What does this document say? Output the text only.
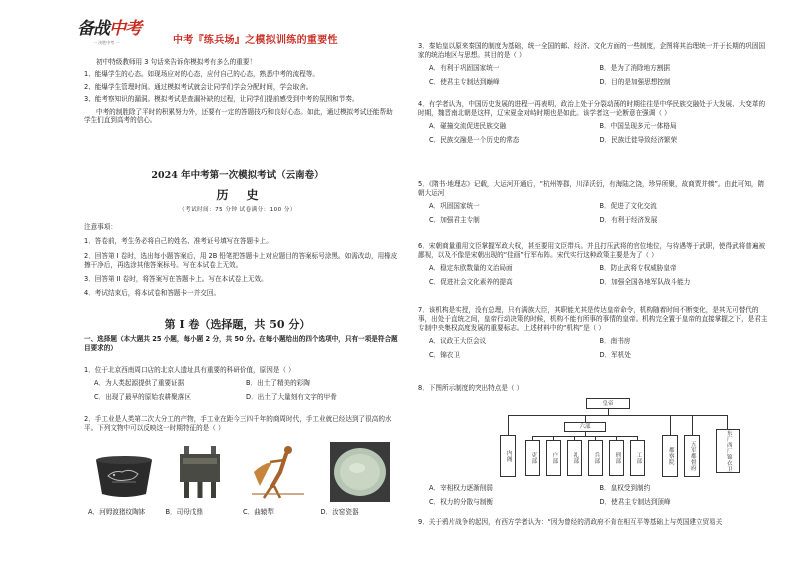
备战中考
一 决胜中考 一	中考『练兵场』之模拟训练的重要性

初中特级教师用 3 句话来告诉你模拟考有多么的重要！

1、能爆学生的心态。如现场应对的心态，应付自己的心态，熟悉中考的流程等。

2、能爆学生管理时间。通过模拟考试就会让同学们学会分配时间，学会取舍。

3、能考察知识的漏洞。模拟考试是查漏补缺的过程，让同学们提前感受到中考的氛围和节奏。

中考的制胜除了平时的积累努力外，还要有一定的答题技巧和良好心态。如此，通过模拟考试还能帮助学生们直到高考的信心。

2024 年中考第一次模拟考试（云南卷）
历史
（考试时间：75 分钟 试卷满分：100 分）

注意事项：

1．答卷前，考生务必将自己的姓名、准考证号填写在答题卡上。

2．回答第 I 卷时，选出每小题答案后，用 2B 铅笔把答题卡上对应题目的答案标号涂黑。如需改动，用橡皮擦干净后，再选涂其他答案标号。写在本试卷上无效。

3．回答第 II 卷时，将答案写在答题卡上。写在本试卷上无效。

4．考试结束后，将本试卷和答题卡一并交回。

第 I 卷（选择题，共 50 分）
一、选择题（本大题共 25 小题，每小题 2 分，共 50 分。在每小题给出的四个选项中，只有一项是符合题目要求的）

1．位于北京西南周口店的北京人遗址具有重要的科研价值，原因是（ ）

A．为人类起源提供了重要证据	B．出土了精美的彩陶
C．出现了最早的原始农耕聚落区	D．出土了大量刻有文字的甲骨

2．手工业是人类第二次大分工的产物，手工业在距今三四千年的商周时代，手工业就已经达到了很高的水平。下列文物中可以反映这一时期特征的是（ ）

A．河姆渡猪纹陶钵	B．司母戊鼎	C．曲辕犁	D．汝窑瓷器

3．秦始皇以原来秦国的制度为基础，统一全国的邮、经济、文化方面的一些制度，企图将其治理统一并于长期的巩固国家的统治地区与思想。其目的是（ ）

A．有利于巩固国家统一	B．是为了消除地方割据
C．使君主专制达到巅峰	D．目的是加强思想控制

4．有学者认为，中国历史发展的进程一再表明，政治上处于分裂动荡的时期往往是中华民族交融处于大发展、大变革的时期，魏晋南北朝是这样，辽宋夏金对峙时期也是如此。该学者这一论断意在强调（ ）

A．碰撞交流促进民族交融	B．中国呈现多元一体格局
C．民族交融是一个历史的常态	D．民族迁徙导致经济繁荣

5．《隋书·地理志》记载，大运河开通后，“杭州等郡，川泽沃衍，有海陆之饶，珍异所聚，故商贾并辏”。由此可知，隋朝大运河

A．巩固国家统一	B．促进了文化交流
C．加强君主专制	D．有利于经济发展

6．宋朝商量重用文臣掌握军政大权，甚至要用文臣带兵。并且打压武将的官位地位，与待遇等于武职，使得武将普遍被鄙视，以及不像是宋朝出现的“佳画”行军布阵。宋代实行这种政策主要是为了（ ）

A．稳定东欧数量的文治局面	B．防止武将专权威胁皇帝
C．促进社会文化素养的提高	D．加强全国各地军队战斗能力

7．该机构是实授，没有总理，只有满族大臣，其职能尤其是传达皇帝命令，机构随着时间不断变化，是其无可替代的事，出处于直统之间，皇帝行动决策的时候，机构不能有所事的事情的皇帝。机构完全置于皇帝的直接掌握之下，是君主专制中央集权高度发展的重要标志。上述材料中的“机构”是（ ）

A．议政王大臣会议	B．南书房
C．锦衣卫	D．军机处

8．下图所示制度的突出特点是（ ）

A．宰相权力逐渐削弱	B．皇权受到制约
C．权力的分散与制衡	D．使君主专制达到顶峰

9．关于鸦片战争的起因，有西方学者认为：“因为曾经的清政府不肯在相互平等基础上与英国建立贸易关

皇帝
内阁
六部
吏部	户部	礼部	兵部	刑部	工部	都察院	五军都督府	东厂西厂锦衣卫
